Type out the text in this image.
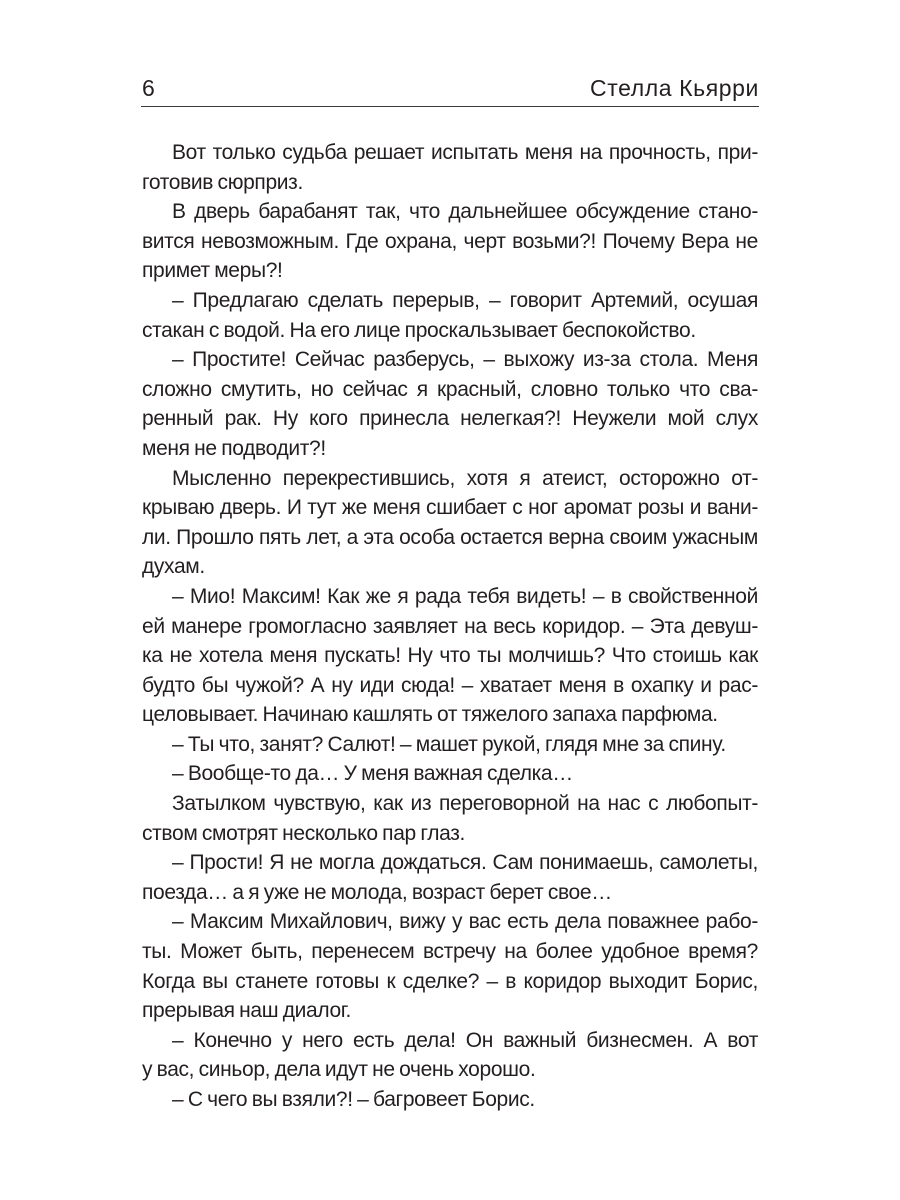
6	Стелла Кьярри
Вот только судьба решает испытать меня на прочность, при-
готовив сюрприз.
В дверь барабанят так, что дальнейшее обсуждение стано-
вится невозможным. Где охрана, черт возьми?! Почему Вера не
примет меры?!
– Предлагаю сделать перерыв, – говорит Артемий, осушая
стакан с водой. На его лице проскальзывает беспокойство.
– Простите! Сейчас разберусь, – выхожу из-за стола. Меня
сложно смутить, но сейчас я красный, словно только что сва-
ренный рак. Ну кого принесла нелегкая?! Неужели мой слух
меня не подводит?!
Мысленно перекрестившись, хотя я атеист, осторожно от-
крываю дверь. И тут же меня сшибает с ног аромат розы и вани-
ли. Прошло пять лет, а эта особа остается верна своим ужасным
духам.
– Мио! Максим! Как же я рада тебя видеть! – в свойственной
ей манере громогласно заявляет на весь коридор. – Эта девуш-
ка не хотела меня пускать! Ну что ты молчишь? Что стоишь как
будто бы чужой? А ну иди сюда! – хватает меня в охапку и рас-
целовывает. Начинаю кашлять от тяжелого запаха парфюма.
– Ты что, занят? Салют! – машет рукой, глядя мне за спину.
– Вообще-то да… У меня важная сделка…
Затылком чувствую, как из переговорной на нас с любопыт-
ством смотрят несколько пар глаз.
– Прости! Я не могла дождаться. Сам понимаешь, самолеты,
поезда… а я уже не молода, возраст берет свое…
– Максим Михайлович, вижу у вас есть дела поважнее рабо-
ты. Может быть, перенесем встречу на более удобное время?
Когда вы станете готовы к сделке? – в коридор выходит Борис,
прерывая наш диалог.
– Конечно у него есть дела! Он важный бизнесмен. А вот
у вас, синьор, дела идут не очень хорошо.
– С чего вы взяли?! – багровеет Борис.
